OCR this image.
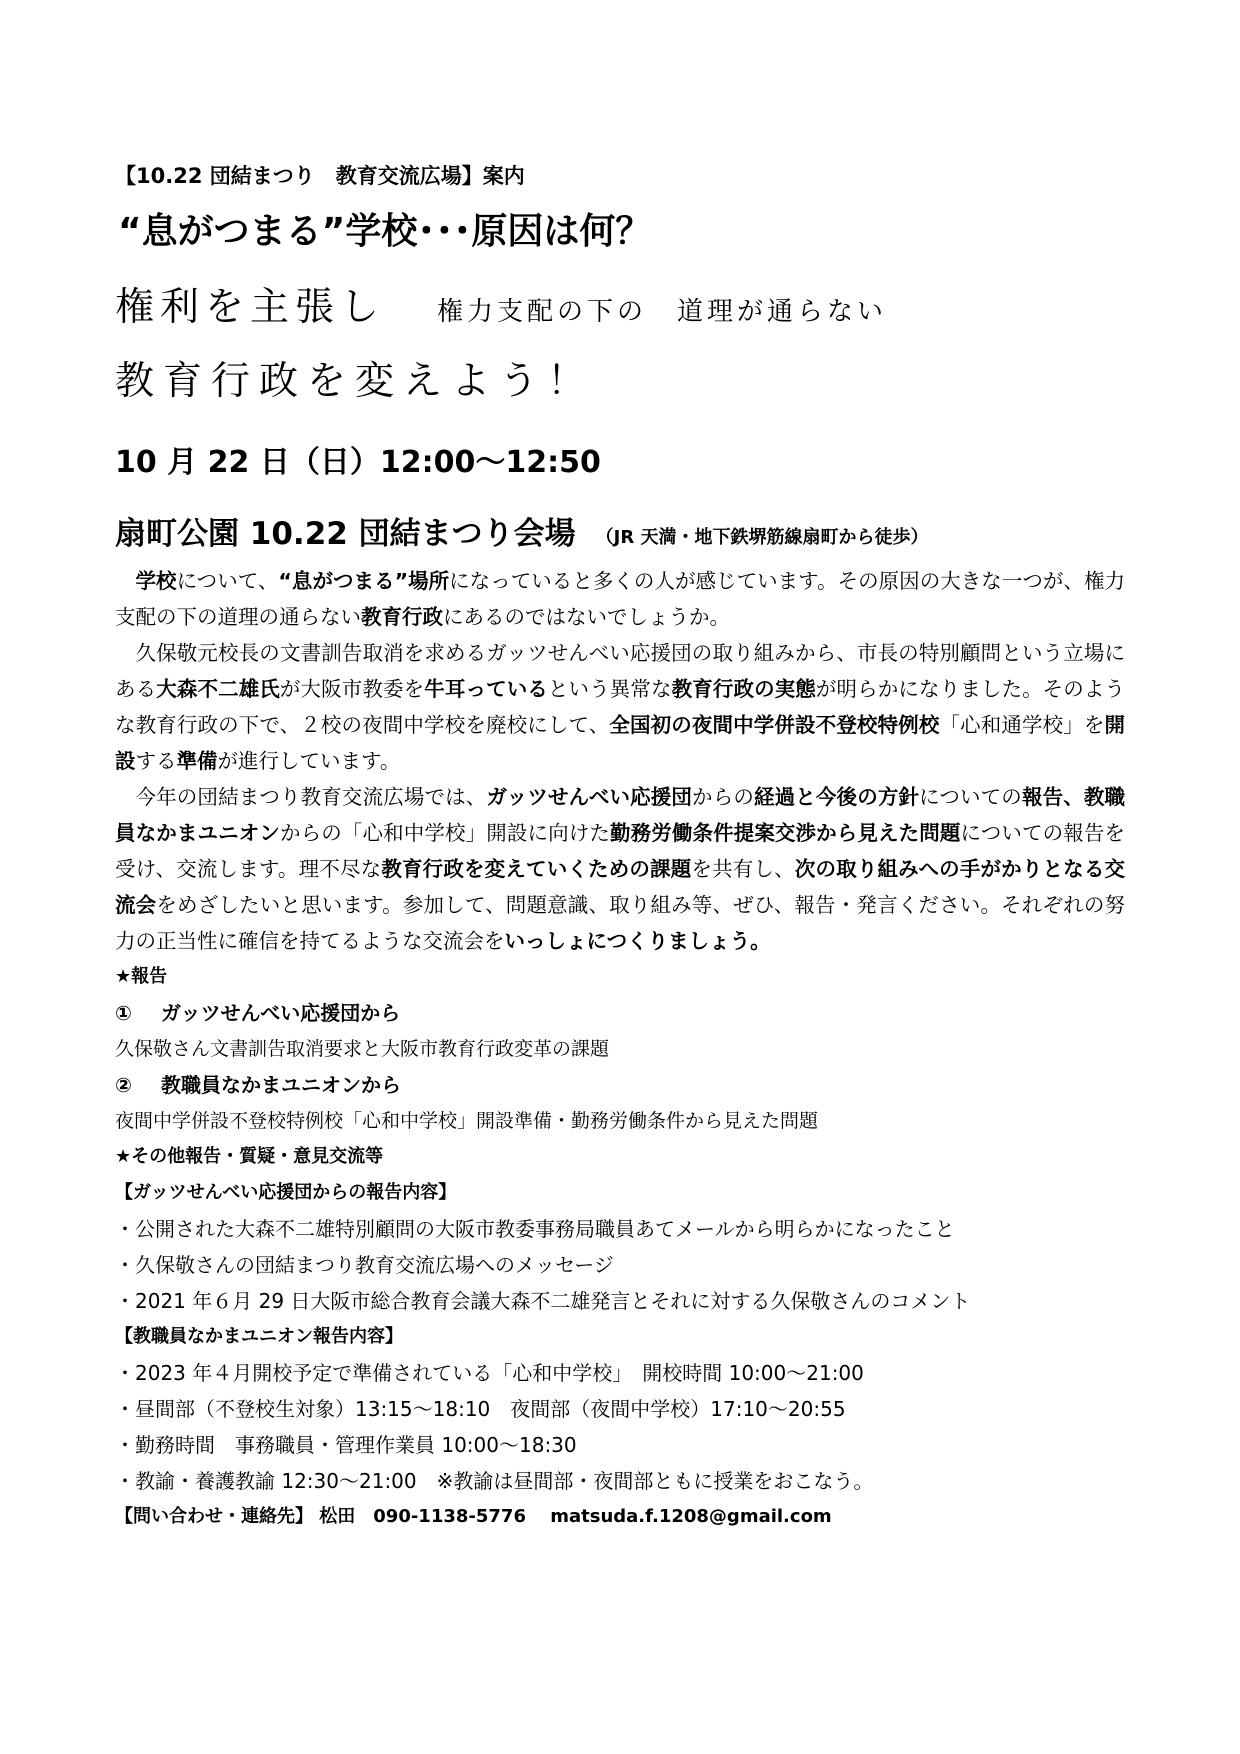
【10.22 団結まつり　教育交流広場】案内
“息がつまる”学校･･･原因は何？
権利を主張し 権力支配の下の　道理が通らない
教育行政を変えよう！
10 月 22 日（日）12:00～12:50
扇町公園 10.22 団結まつり会場 （JR 天満・地下鉄堺筋線扇町から徒歩）

学校について、“息がつまる”場所になっていると多くの人が感じています。その原因の大きな一つが、権力支配の下の道理の通らない教育行政にあるのではないでしょうか。

久保敬元校長の文書訓告取消を求めるガッツせんべい応援団の取り組みから、市長の特別顧問という立場にある大森不二雄氏が大阪市教委を牛耳っているという異常な教育行政の実態が明らかになりました。そのような教育行政の下で、２校の夜間中学校を廃校にして、全国初の夜間中学併設不登校特例校「心和通学校」を開設する準備が進行しています。

今年の団結まつり教育交流広場では、ガッツせんべい応援団からの経過と今後の方針についての報告、教職員なかまユニオンからの「心和中学校」開設に向けた勤務労働条件提案交渉から見えた問題についての報告を受け、交流します。理不尽な教育行政を変えていくための課題を共有し、次の取り組みへの手がかりとなる交流会をめざしたいと思います。参加して、問題意識、取り組み等、ぜひ、報告・発言ください。それぞれの努力の正当性に確信を持てるような交流会をいっしょにつくりましょう。

★報告
① ガッツせんべい応援団から
久保敬さん文書訓告取消要求と大阪市教育行政変革の課題
② 教職員なかまユニオンから
夜間中学併設不登校特例校「心和中学校」開設準備・勤務労働条件から見えた問題
★その他報告・質疑・意見交流等
【ガッツせんべい応援団からの報告内容】
・公開された大森不二雄特別顧問の大阪市教委事務局職員あてメールから明らかになったこと
・久保敬さんの団結まつり教育交流広場へのメッセージ
・2021 年６月 29 日大阪市総合教育会議大森不二雄発言とそれに対する久保敬さんのコメント
【教職員なかまユニオン報告内容】
・2023 年４月開校予定で準備されている「心和中学校」　開校時間 10:00～21:00
・昼間部（不登校生対象）13:15～18:10　夜間部（夜間中学校）17:10～20:55
・勤務時間　事務職員・管理作業員 10:00～18:30
・教諭・養護教諭 12:30～21:00　※教諭は昼間部・夜間部ともに授業をおこなう。
【問い合わせ・連絡先】 松田　090-1138-5776　 matsuda.f.1208@gmail.com
